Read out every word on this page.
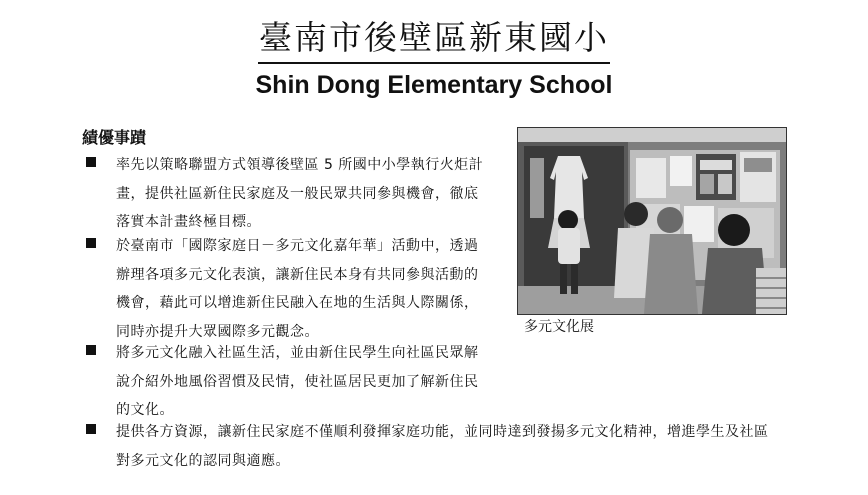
臺南市後壁區新東國小
Shin Dong Elementary School
績優事蹟
率先以策略聯盟方式領導後壁區 5 所國中小學執行火炬計
畫，提供社區新住民家庭及一般民眾共同參與機會，徹底
落實本計畫終極目標。
於臺南市「國際家庭日－多元文化嘉年華」活動中，透過
辦理各項多元文化表演，讓新住民本身有共同參與活動的
機會，藉此可以增進新住民融入在地的生活與人際關係，
同時亦提升大眾國際多元觀念。
將多元文化融入社區生活，並由新住民學生向社區民眾解
說介紹外地風俗習慣及民情，使社區居民更加了解新住民
的文化。
提供各方資源，讓新住民家庭不僅順利發揮家庭功能，並同時達到發揚多元文化精神，增進學生及社區
對多元文化的認同與適應。
多元文化展
